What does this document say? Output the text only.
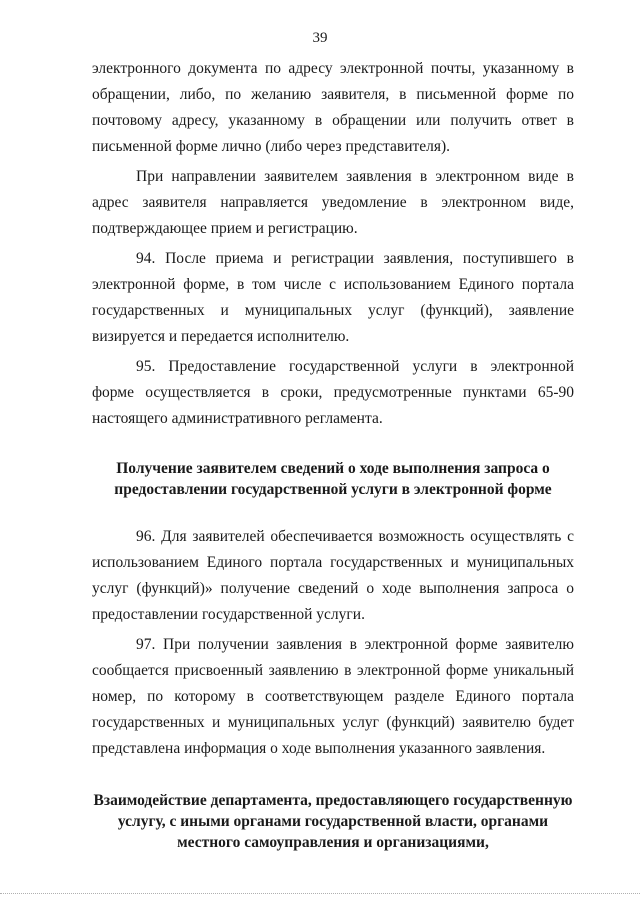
39

электронного документа по адресу электронной почты, указанному в обращении, либо, по желанию заявителя, в письменной форме по почтовому адресу, указанному в обращении или получить ответ в письменной форме лично (либо через представителя).

При направлении заявителем заявления в электронном виде в адрес заявителя направляется уведомление в электронном виде, подтверждающее прием и регистрацию.

94. После приема и регистрации заявления, поступившего в электронной форме, в том числе с использованием Единого портала государственных и муниципальных услуг (функций), заявление визируется и передается исполнителю.

95. Предоставление государственной услуги в электронной форме осуществляется в сроки, предусмотренные пунктами 65-90 настоящего административного регламента.

Получение заявителем сведений о ходе выполнения запроса о предоставлении государственной услуги в электронной форме

96. Для заявителей обеспечивается возможность осуществлять с использованием Единого портала государственных и муниципальных услуг (функций)» получение сведений о ходе выполнения запроса о предоставлении государственной услуги.

97. При получении заявления в электронной форме заявителю сообщается присвоенный заявлению в электронной форме уникальный номер, по которому в соответствующем разделе Единого портала государственных и муниципальных услуг (функций) заявителю будет представлена информация о ходе выполнения указанного заявления.

Взаимодействие департамента, предоставляющего государственную услугу, с иными органами государственной власти, органами местного самоуправления и организациями,
